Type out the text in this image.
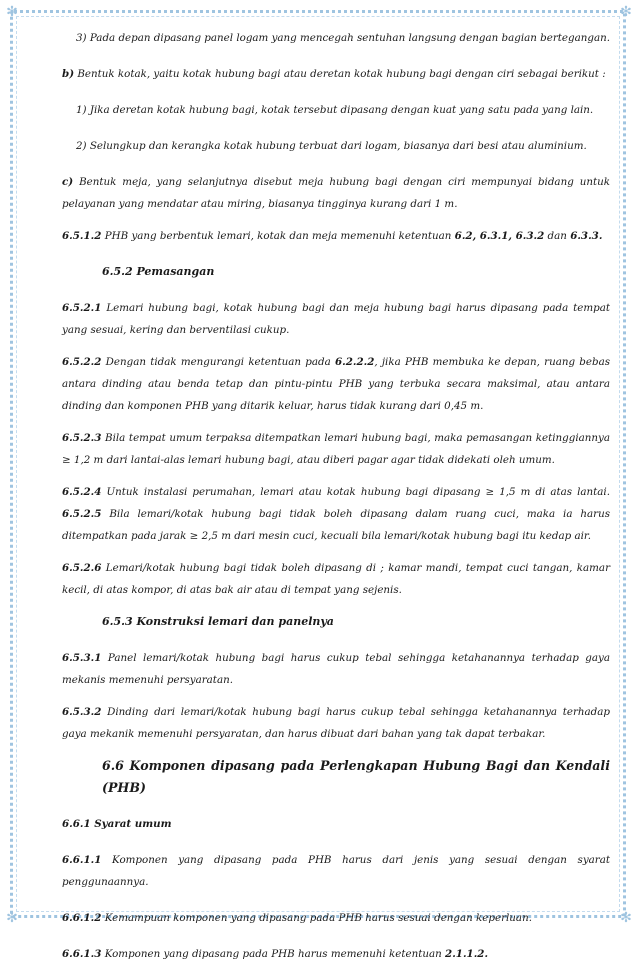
✻	✻
✻	✻

3) Pada depan dipasang panel logam yang mencegah sentuhan langsung dengan bagian bertegangan.

b) Bentuk kotak, yaitu kotak hubung bagi atau deretan kotak hubung bagi dengan ciri sebagai berikut :

1) Jika deretan kotak hubung bagi, kotak tersebut dipasang dengan kuat yang satu pada yang lain.

2) Selungkup dan kerangka kotak hubung terbuat dari logam, biasanya dari besi atau aluminium.

c) Bentuk meja, yang selanjutnya disebut meja hubung bagi dengan ciri mempunyai bidang untuk pelayanan yang mendatar atau miring, biasanya tingginya kurang dari 1 m.

6.5.1.2 PHB yang berbentuk lemari, kotak dan meja memenuhi ketentuan 6.2, 6.3.1, 6.3.2 dan 6.3.3.

6.5.2 Pemasangan

6.5.2.1 Lemari hubung bagi, kotak hubung bagi dan meja hubung bagi harus dipasang pada tempat yang sesuai, kering dan berventilasi cukup.

6.5.2.2 Dengan tidak mengurangi ketentuan pada 6.2.2.2, jika PHB membuka ke depan, ruang bebas antara dinding atau benda tetap dan pintu-pintu PHB yang terbuka secara maksimal, atau antara dinding dan komponen PHB yang ditarik keluar, harus tidak kurang dari 0,45 m.

6.5.2.3 Bila tempat umum terpaksa ditempatkan lemari hubung bagi, maka pemasangan ketinggiannya ≥ 1,2 m dari lantai-alas lemari hubung bagi, atau diberi pagar agar tidak didekati oleh umum.

6.5.2.4 Untuk instalasi perumahan, lemari atau kotak hubung bagi dipasang ≥ 1,5 m di atas lantai. 6.5.2.5 Bila lemari/kotak hubung bagi tidak boleh dipasang dalam ruang cuci, maka ia harus ditempatkan pada jarak ≥ 2,5 m dari mesin cuci, kecuali bila lemari/kotak hubung bagi itu kedap air.

6.5.2.6 Lemari/kotak hubung bagi tidak boleh dipasang di ; kamar mandi, tempat cuci tangan, kamar kecil, di atas kompor, di atas bak air atau di tempat yang sejenis.

6.5.3 Konstruksi lemari dan panelnya

6.5.3.1 Panel lemari/kotak hubung bagi harus cukup tebal sehingga ketahanannya terhadap gaya mekanis memenuhi persyaratan.

6.5.3.2 Dinding dari lemari/kotak hubung bagi harus cukup tebal sehingga ketahanannya terhadap gaya mekanik memenuhi persyaratan, dan harus dibuat dari bahan yang tak dapat terbakar.

6.6 Komponen dipasang pada Perlengkapan Hubung Bagi dan Kendali (PHB)

6.6.1 Syarat umum

6.6.1.1 Komponen yang dipasang pada PHB harus dari jenis yang sesuai dengan syarat penggunaannya.

6.6.1.2 Kemampuan komponen yang dipasang pada PHB harus sesuai dengan keperluan.

6.6.1.3 Komponen yang dipasang pada PHB harus memenuhi ketentuan 2.1.1.2.
